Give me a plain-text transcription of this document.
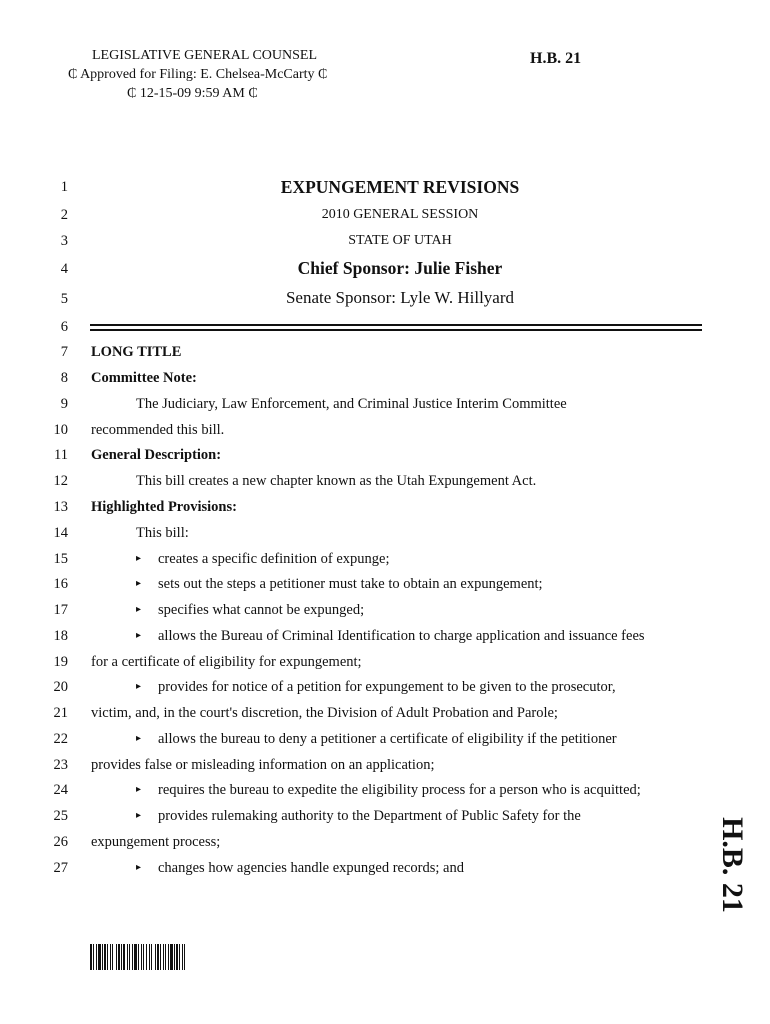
LEGISLATIVE GENERAL COUNSEL
₵ Approved for Filing: E. Chelsea-McCarty ₵
₵ 12-15-09 9:59 AM ₵
H.B. 21
1
2
3
4
5
6
7
8
9
10
11
12
13
14
15
16
17
18
19
20
21
22
23
24
25
26
27
EXPUNGEMENT REVISIONS
2010 GENERAL SESSION
STATE OF UTAH
Chief Sponsor: Julie Fisher
Senate Sponsor: Lyle W. Hillyard
LONG TITLE
Committee Note:
The Judiciary, Law Enforcement, and Criminal Justice Interim Committee
recommended this bill.
General Description:
This bill creates a new chapter known as the Utah Expungement Act.
Highlighted Provisions:
This bill:
▸ creates a specific definition of expunge;
▸ sets out the steps a petitioner must take to obtain an expungement;
▸ specifies what cannot be expunged;
▸ allows the Bureau of Criminal Identification to charge application and issuance fees
for a certificate of eligibility for expungement;
▸ provides for notice of a petition for expungement to be given to the prosecutor,
victim, and, in the court's discretion, the Division of Adult Probation and Parole;
▸ allows the bureau to deny a petitioner a certificate of eligibility if the petitioner
provides false or misleading information on an application;
▸ requires the bureau to expedite the eligibility process for a person who is acquitted;
▸ provides rulemaking authority to the Department of Public Safety for the
expungement process;
▸ changes how agencies handle expunged records; and	H.B. 21
